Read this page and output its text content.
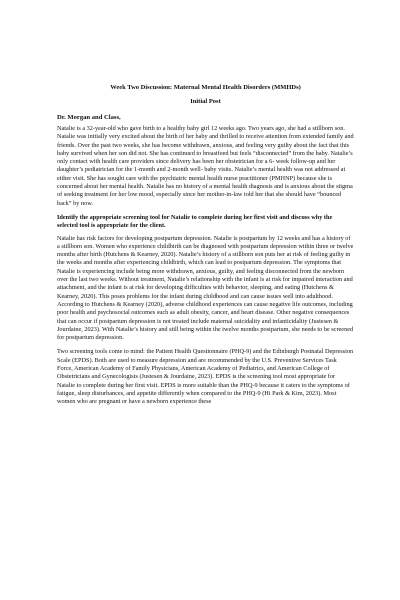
Week Two Discussion: Maternal Mental Health Disorders (MMHDs)
Initial Post
Dr. Morgan and Class,

Natalie is a 32-year-old who gave birth to a healthy baby girl 12 weeks ago. Two years ago, she had a stillborn son. Natalie was initially very excited about the birth of her baby and thrilled to receive attention from extended family and friends. Over the past two weeks, she has become withdrawn, anxious, and feeling very guilty about the fact that this baby survived when her son did not. She has continued to breastfeed but feels “disconnected” from the baby. Natalie’s only contact with health care providers since delivery has been her obstetrician for a 6- week follow-up and her daughter’s pediatrician for the 1-month and 2-month well- baby visits. Natalie’s mental health was not addressed at either visit. She has sought care with the psychiatric mental health nurse practitioner (PMHNP) because she is concerned about her mental health. Natalie has no history of a mental health diagnosis and is anxious about the stigma of seeking treatment for her low mood, especially since her mother-in-law told her that she should have “bounced back” by now.

Identify the appropriate screening tool for Natalie to complete during her first visit and discuss why the selected tool is appropriate for the client.

Natalie has risk factors for developing postpartum depression. Natalie is postpartum by 12 weeks and has a history of a stillborn son. Women who experience childbirth can be diagnosed with postpartum depression within three or twelve months after birth (Hutchens & Kearney, 2020). Natalie’s history of a stillborn son puts her at risk of feeling guilty in the weeks and months after experiencing childbirth, which can lead to postpartum depression. The symptoms that Natalie is experiencing include being more withdrawn, anxious, guilty, and feeling disconnected from the newborn over the last two weeks. Without treatment, Natalie’s relationship with the infant is at risk for impaired interaction and attachment, and the infant is at risk for developing difficulties with behavior, sleeping, and eating (Hutchens & Kearney, 2020). This poses problems for the infant during childhood and can cause issues well into adulthood. According to Hutchens & Kearney (2020), adverse childhood experiences can cause negative life outcomes, including poor health and psychosocial outcomes such as adult obesity, cancer, and heart disease. Other negative consequences that can occur if postpartum depression is not treated include maternal suicidality and infanticidality (Justesen & Jourdaine, 2023). With Natalie’s history and still being within the twelve months postpartum, she needs to be screened for postpartum depression.

Two screening tools come to mind: the Patient Health Questionnaire (PHQ-9) and the Edinburgh Postnatal Depression Scale (EPDS). Both are used to measure depression and are recommended by the U.S. Preventive Services Task Force, American Academy of Family Physicians, American Academy of Pediatrics, and American College of Obstetricians and Gynecologists (Justesen & Jourdaine, 2023). EPDS is the screening tool most appropriate for Natalie to complete during her first visit. EPDS is more suitable than the PHQ-9 because it caters to the symptoms of fatigue, sleep disturbances, and appetite differently when compared to the PHQ-9 (Hi Park & Kim, 2023). Most women who are pregnant or have a newborn experience these
